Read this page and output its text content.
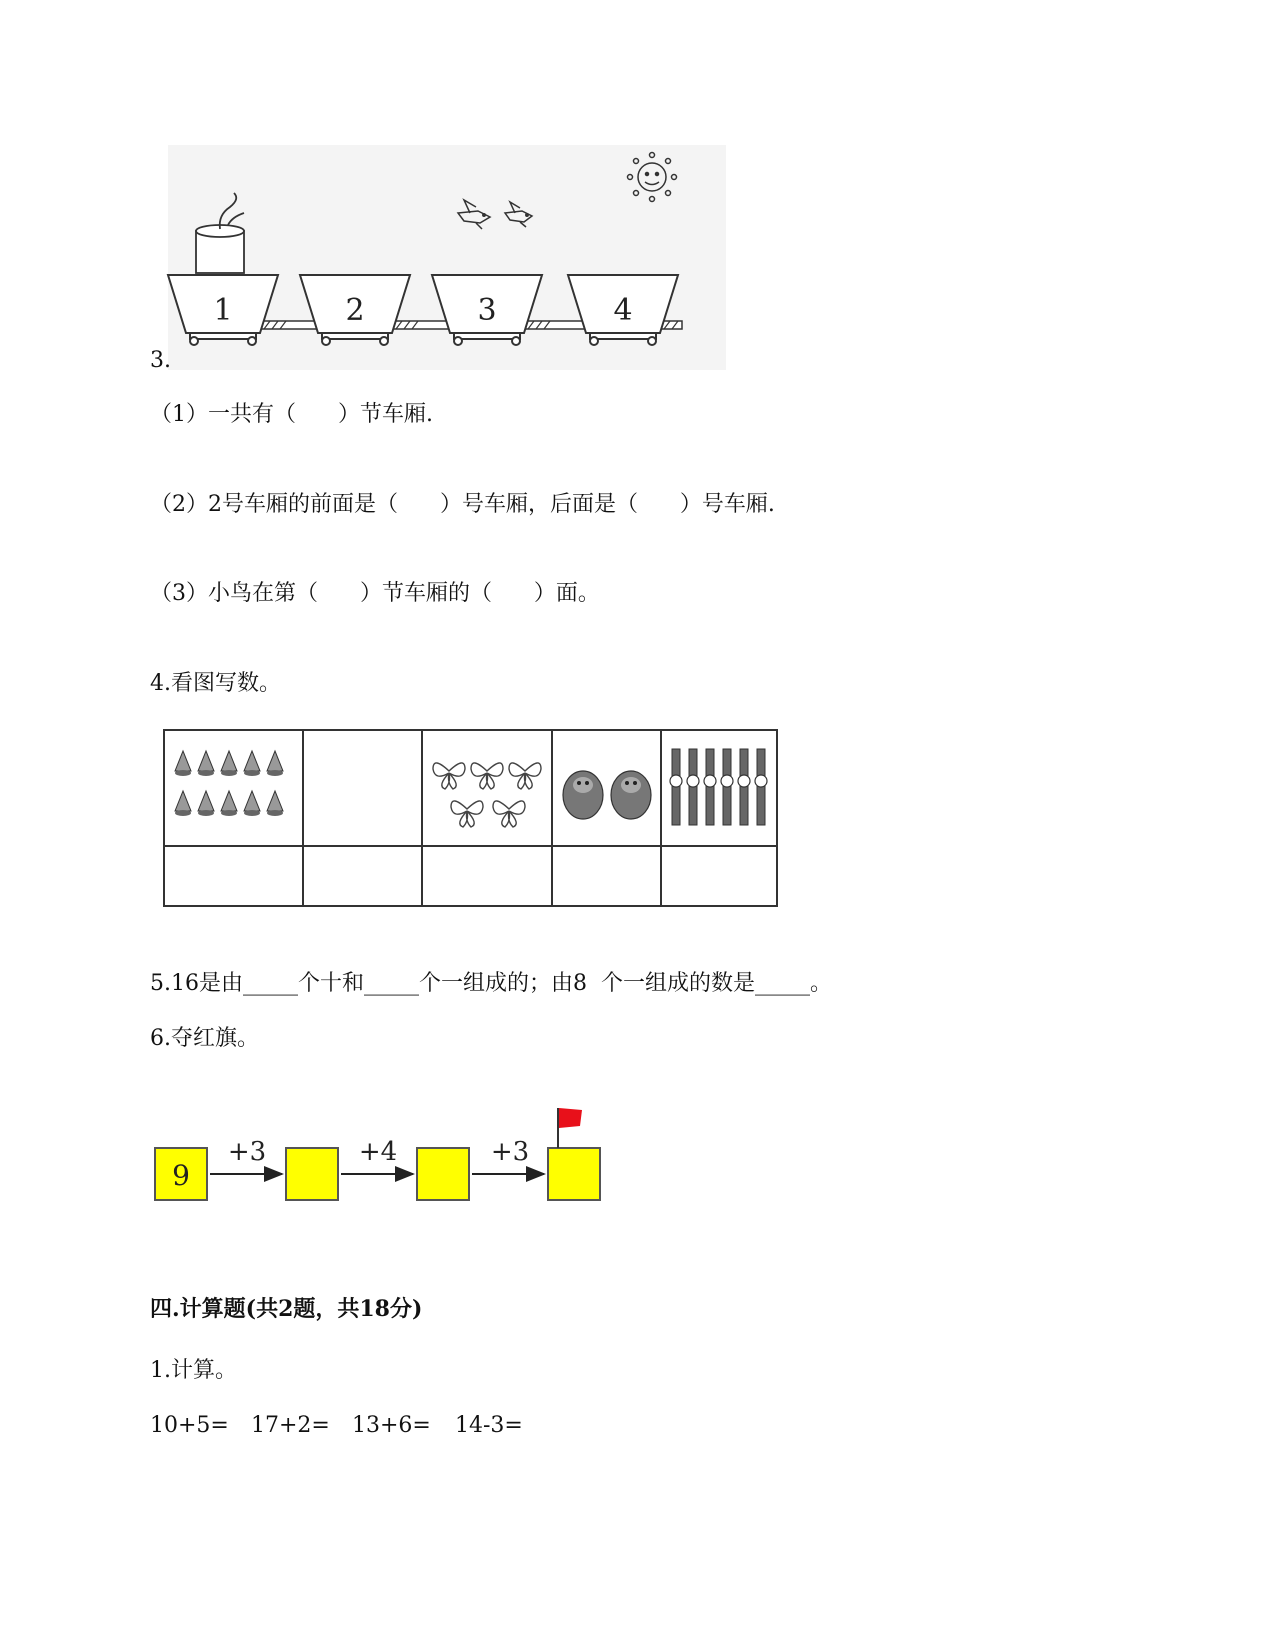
1	2	3	4
3.
（1）一共有（      ）节车厢.
（2）2号车厢的前面是（      ）号车厢，后面是（      ）号车厢.
（3）小鸟在第（      ）节车厢的（      ）面。
4.看图写数。

5.16是由_____个十和_____个一组成的；由8  个一组成的数是_____。
6.夺红旗。
9
+3	+4	+3
四.计算题(共2题，共18分)
1.计算。
10+5= 17+2= 13+6= 14-3=
